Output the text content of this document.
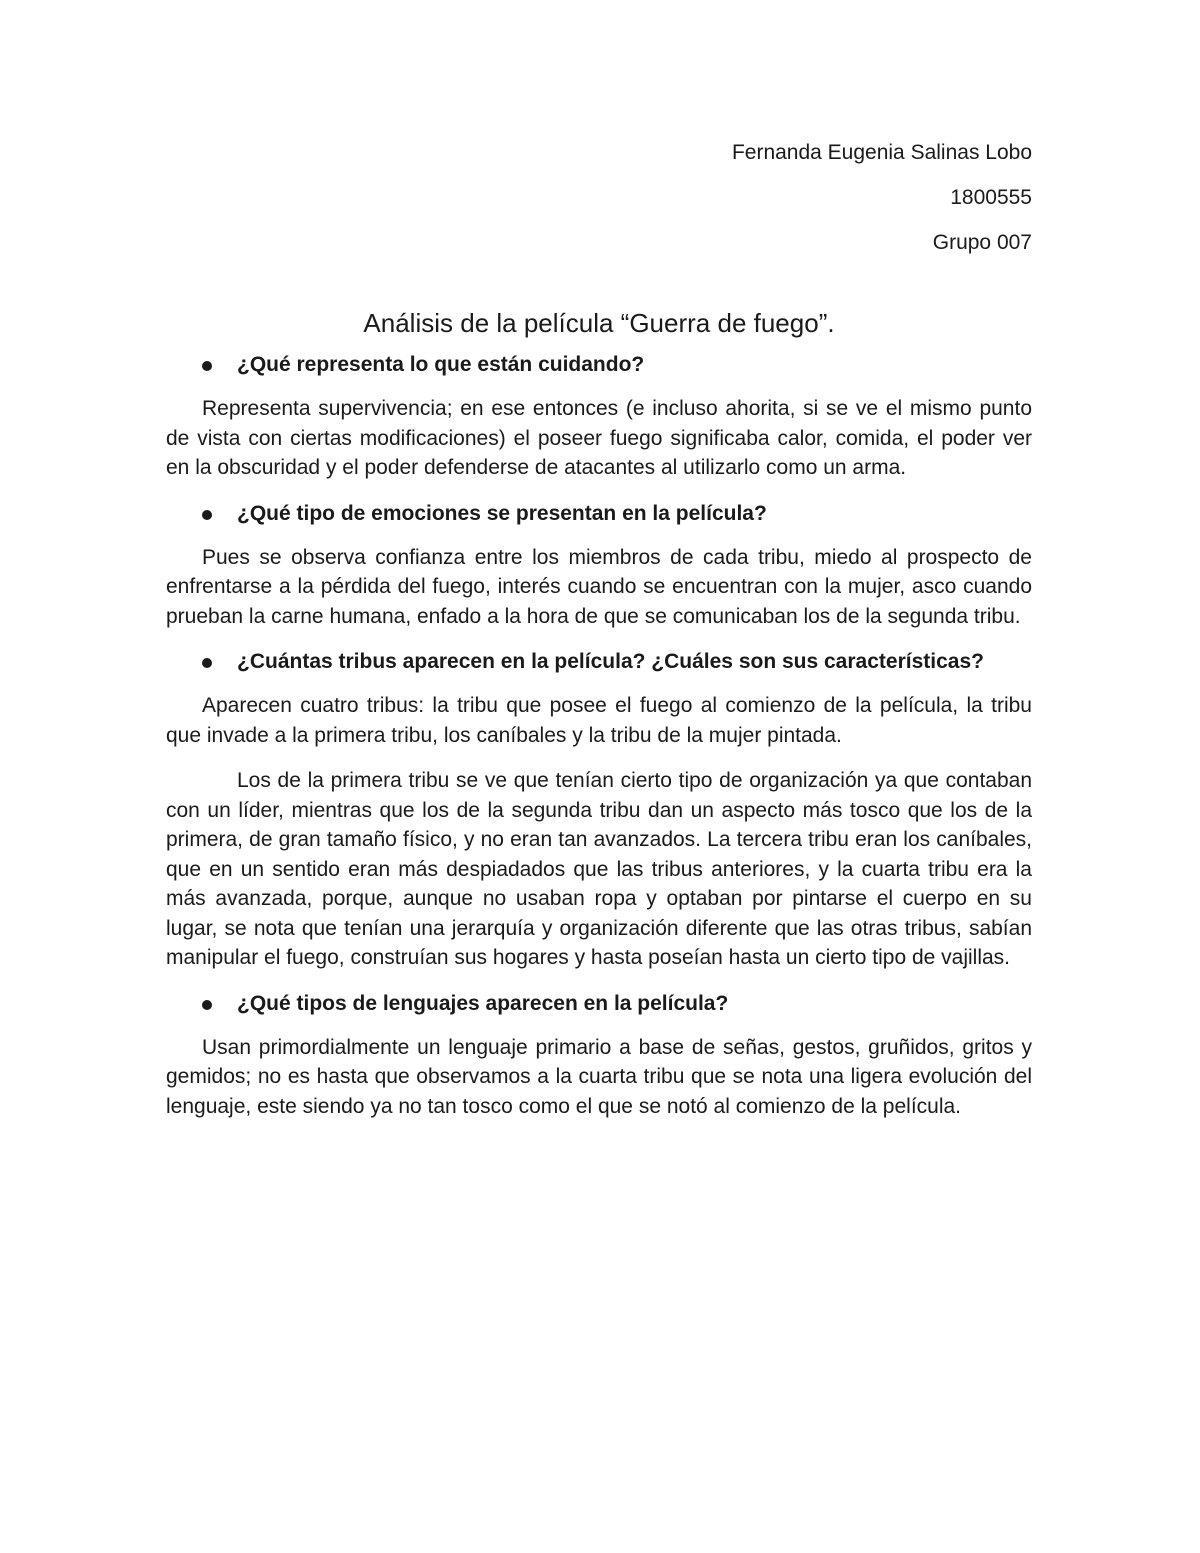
Fernanda Eugenia Salinas Lobo

1800555

Grupo 007

Análisis de la película “Guerra de fuego”.

¿Qué representa lo que están cuidando?

Representa supervivencia; en ese entonces (e incluso ahorita, si se ve el mismo punto de vista con ciertas modificaciones) el poseer fuego significaba calor, comida, el poder ver en la obscuridad y el poder defenderse de atacantes al utilizarlo como un arma.

¿Qué tipo de emociones se presentan en la película?

Pues se observa confianza entre los miembros de cada tribu, miedo al prospecto de enfrentarse a la pérdida del fuego, interés cuando se encuentran con la mujer, asco cuando prueban la carne humana, enfado a la hora de que se comunicaban los de la segunda tribu.

¿Cuántas tribus aparecen en la película? ¿Cuáles son sus características?

Aparecen cuatro tribus: la tribu que posee el fuego al comienzo de la película, la tribu que invade a la primera tribu, los caníbales y la tribu de la mujer pintada.

Los de la primera tribu se ve que tenían cierto tipo de organización ya que contaban con un líder, mientras que los de la segunda tribu dan un aspecto más tosco que los de la primera, de gran tamaño físico, y no eran tan avanzados. La tercera tribu eran los caníbales, que en un sentido eran más despiadados que las tribus anteriores, y la cuarta tribu era la más avanzada, porque, aunque no usaban ropa y optaban por pintarse el cuerpo en su lugar, se nota que tenían una jerarquía y organización diferente que las otras tribus, sabían manipular el fuego, construían sus hogares y hasta poseían hasta un cierto tipo de vajillas.

¿Qué tipos de lenguajes aparecen en la película?

Usan primordialmente un lenguaje primario a base de señas, gestos, gruñidos, gritos y gemidos; no es hasta que observamos a la cuarta tribu que se nota una ligera evolución del lenguaje, este siendo ya no tan tosco como el que se notó al comienzo de la película.
